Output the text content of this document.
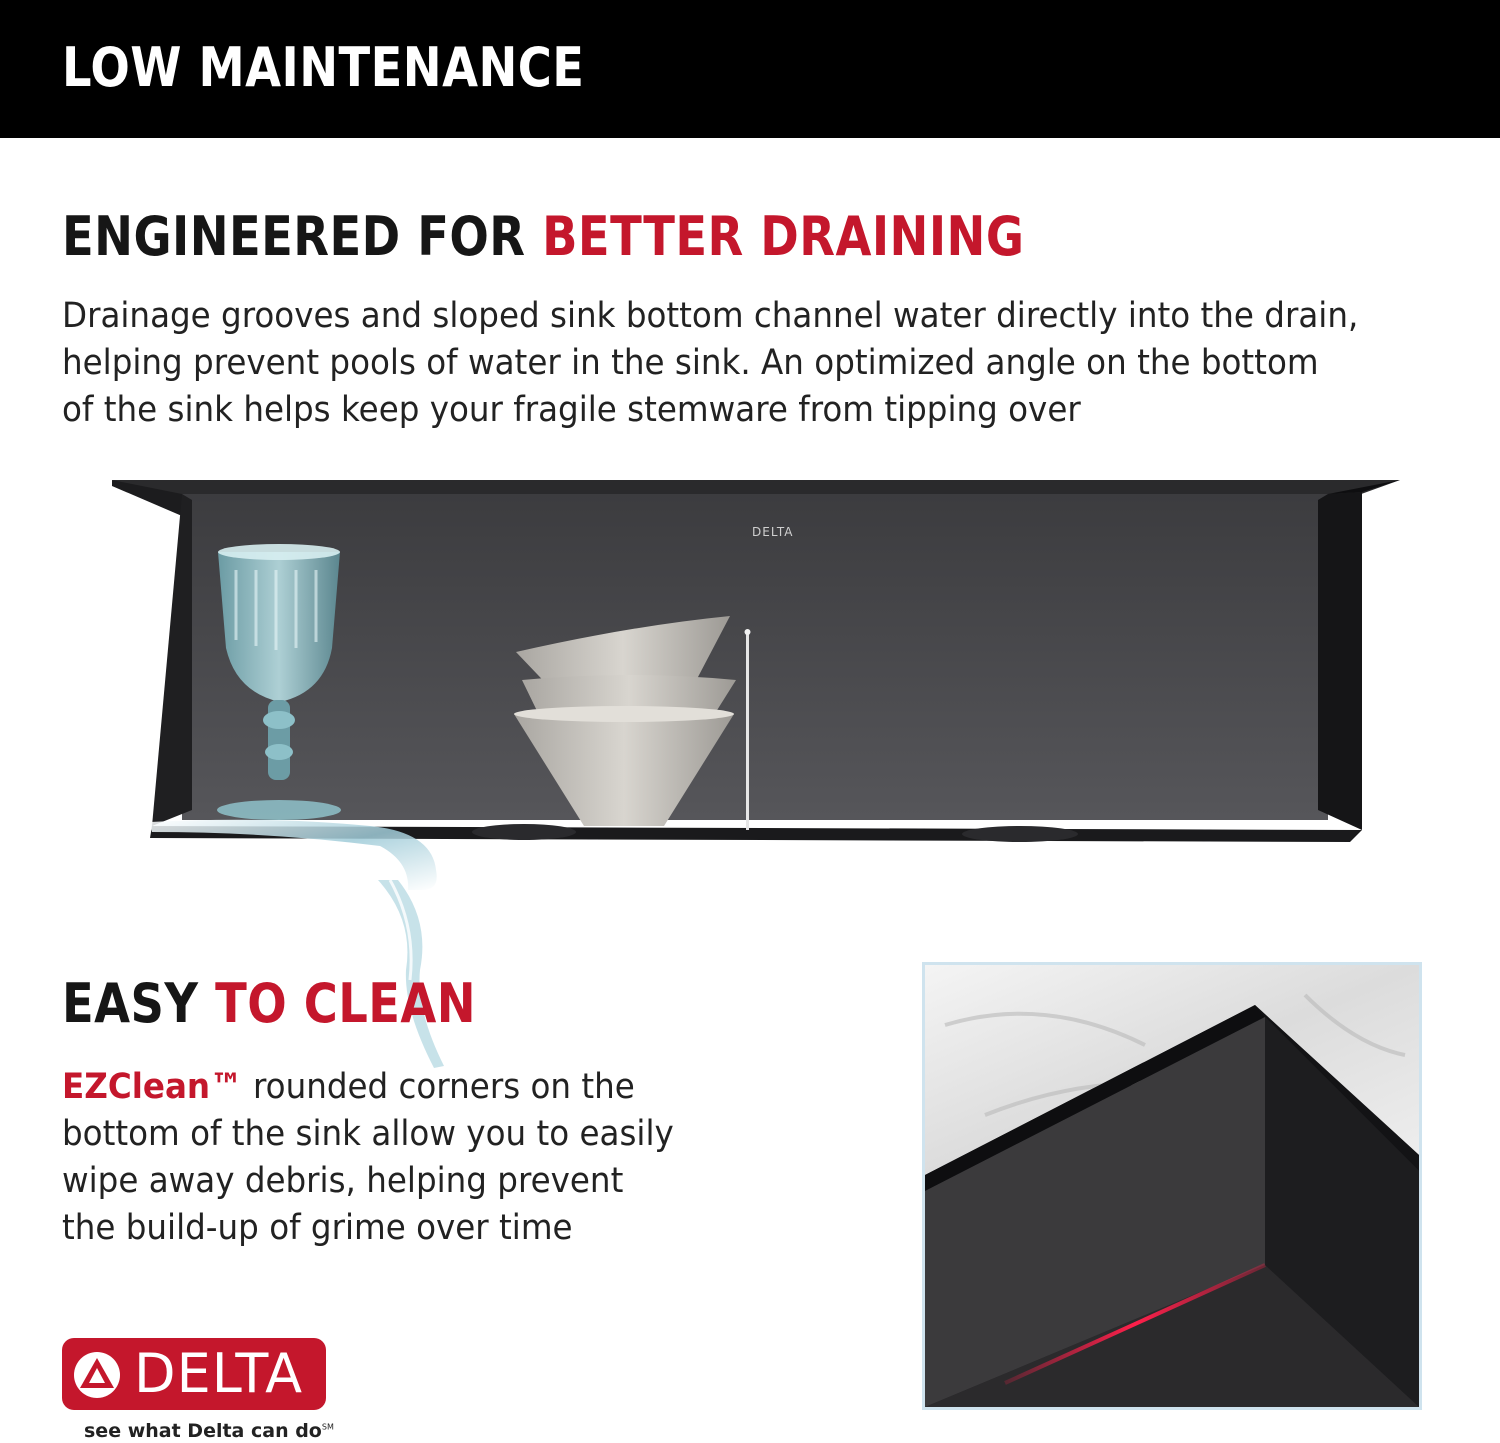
LOW MAINTENANCE
ENGINEERED FOR BETTER DRAINING

Drainage grooves and sloped sink bottom channel water directly into the drain,
helping prevent pools of water in the sink. An optimized angle on the bottom
of the sink helps keep your fragile stemware from tipping over

DELTA
EASY TO CLEAN

EZClean™ rounded corners on the
bottom of the sink allow you to easily
wipe away debris, helping prevent
the build-up of grime over time

DELTA
see what Delta can do℠
